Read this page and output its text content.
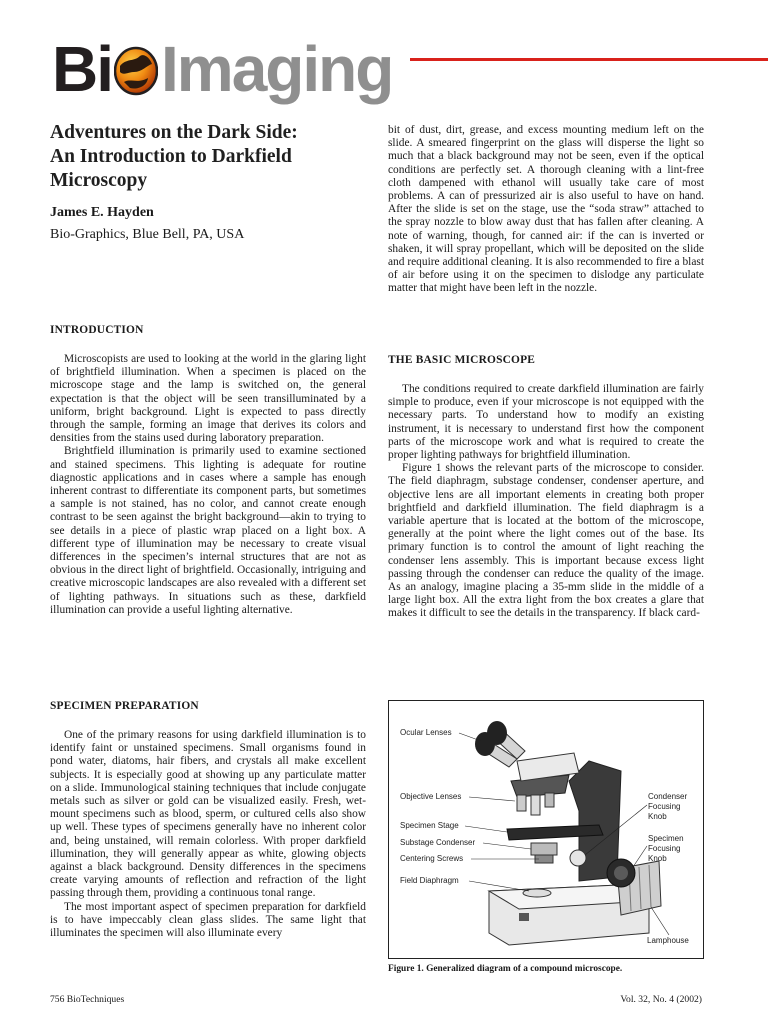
Bi Imaging
Adventures on the Dark Side:
An Introduction to Darkfield
Microscopy
James E. Hayden
Bio-Graphics, Blue Bell, PA, USA
INTRODUCTION

Microscopists are used to looking at the world in the glaring light of brightfield illumination. When a specimen is placed on the microscope stage and the lamp is switched on, the general expectation is that the object will be seen transilluminated by a uniform, bright background. Light is expected to pass directly through the sample, forming an image that derives its colors and densities from the stains used during laboratory preparation.

Brightfield illumination is primarily used to examine sectioned and stained specimens. This lighting is adequate for routine diagnostic applications and in cases where a sample has enough inherent contrast to differentiate its component parts, but sometimes a sample is not stained, has no color, and cannot create enough contrast to be seen against the bright background—akin to trying to see details in a piece of plastic wrap placed on a light box. A different type of illumination may be necessary to create visual differences in the specimen’s internal structures that are not as obvious in the direct light of brightfield. Occasionally, intriguing and creative microscopic landscapes are also revealed with a different set of lighting pathways. In situations such as these, darkfield illumination can provide a useful lighting alternative.

SPECIMEN PREPARATION

One of the primary reasons for using darkfield illumination is to identify faint or unstained specimens. Small organisms found in pond water, diatoms, hair fibers, and crystals all make excellent subjects. It is especially good at showing up any particulate matter on a slide. Immunological staining techniques that include conjugate metals such as silver or gold can be visualized easily. Fresh, wet-mount specimens such as blood, sperm, or cultured cells also show up well. These types of specimens generally have no inherent color and, being unstained, will remain colorless. With proper darkfield illumination, they will generally appear as white, glowing objects against a black background. Density differences in the specimens create varying amounts of reflection and refraction of the light passing through them, providing a continuous tonal range.

The most important aspect of specimen preparation for darkfield is to have impeccably clean glass slides. The same light that illuminates the specimen will also illuminate every

bit of dust, dirt, grease, and excess mounting medium left on the slide. A smeared fingerprint on the glass will disperse the light so much that a black background may not be seen, even if the optical conditions are perfectly set. A thorough cleaning with a lint-free cloth dampened with ethanol will usually take care of most problems. A can of pressurized air is also useful to have on hand. After the slide is set on the stage, use the “soda straw” attached to the spray nozzle to blow away dust that has fallen after cleaning. A note of warning, though, for canned air: if the can is inverted or shaken, it will spray propellant, which will be deposited on the slide and require additional cleaning. It is also recommended to fire a blast of air before using it on the specimen to dislodge any particulate matter that might have been left in the nozzle.

THE BASIC MICROSCOPE

The conditions required to create darkfield illumination are fairly simple to produce, even if your microscope is not equipped with the necessary parts. To understand how to modify an existing instrument, it is necessary to understand first how the component parts of the microscope work and what is required to create the proper lighting pathways for brightfield illumination.

Figure 1 shows the relevant parts of the microscope to consider. The field diaphragm, substage condenser, condenser aperture, and objective lens are all important elements in creating both proper brightfield and darkfield illumination. The field diaphragm is a variable aperture that is located at the bottom of the microscope, generally at the point where the light comes out of the base. Its primary function is to control the amount of light reaching the condenser lens assembly. This is important because excess light passing through the condenser can reduce the quality of the image. As an analogy, imagine placing a 35-mm slide in the middle of a large light box. All the extra light from the box creates a glare that makes it difficult to see the details in the transparency. If black card-

Ocular Lenses
Objective Lenses
Specimen Stage
Substage Condenser
Centering Screws
Field Diaphragm
Condenser
Focusing
Knob
Specimen
Focusing
Knob
Lamphouse
Figure 1. Generalized diagram of a compound microscope.
756 BioTechniques	Vol. 32, No. 4 (2002)
